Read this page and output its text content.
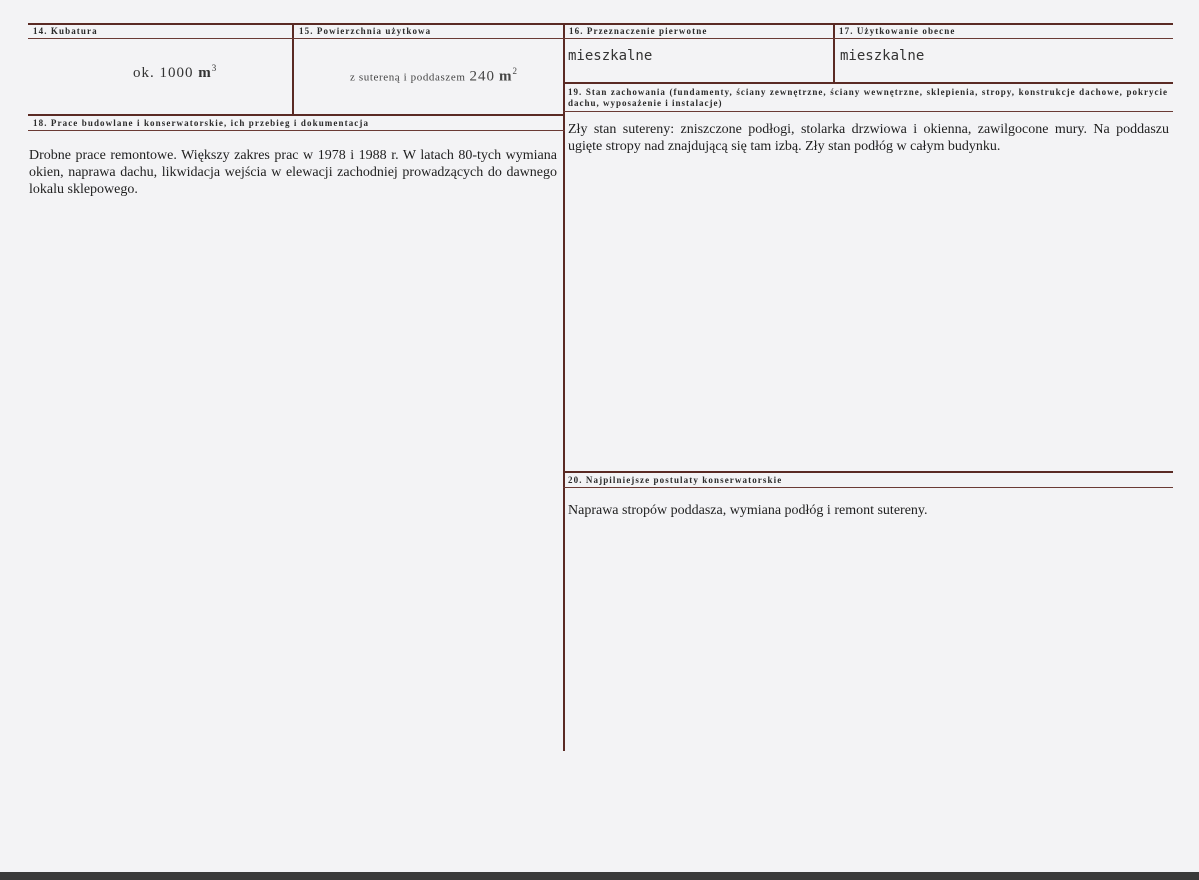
14. Kubatura
ok. 1000 $m^3$
15. Powierzchnia użytkowa
z sutereną i poddaszem 240 $m^2$
16. Przeznaczenie pierwotne
mieszkalne
17. Użytkowanie obecne
mieszkalne
18. Prace budowlane i konserwatorskie, ich przebieg i dokumentacja
Drobne prace remontowe. Większy zakres prac w 1978 i 1988 r. W latach 80-tych wymiana okien, naprawa dachu, likwidacja wejścia w elewacji zachodniej prowadzących do dawnego lokalu sklepowego.
19. Stan zachowania (fundamenty, ściany zewnętrzne, ściany wewnętrzne, sklepienia, stropy, konstrukcje dachowe, pokrycie dachu, wyposażenie i instalacje)
Zły stan sutereny: zniszczone podłogi, stolarka drzwiowa i okienna, zawilgocone mury. Na poddaszu ugięte stropy nad znajdującą się tam izbą. Zły stan podłóg w całym budynku.
20. Najpilniejsze postulaty konserwatorskie
Naprawa stropów poddasza, wymiana podłóg i remont sutereny.
